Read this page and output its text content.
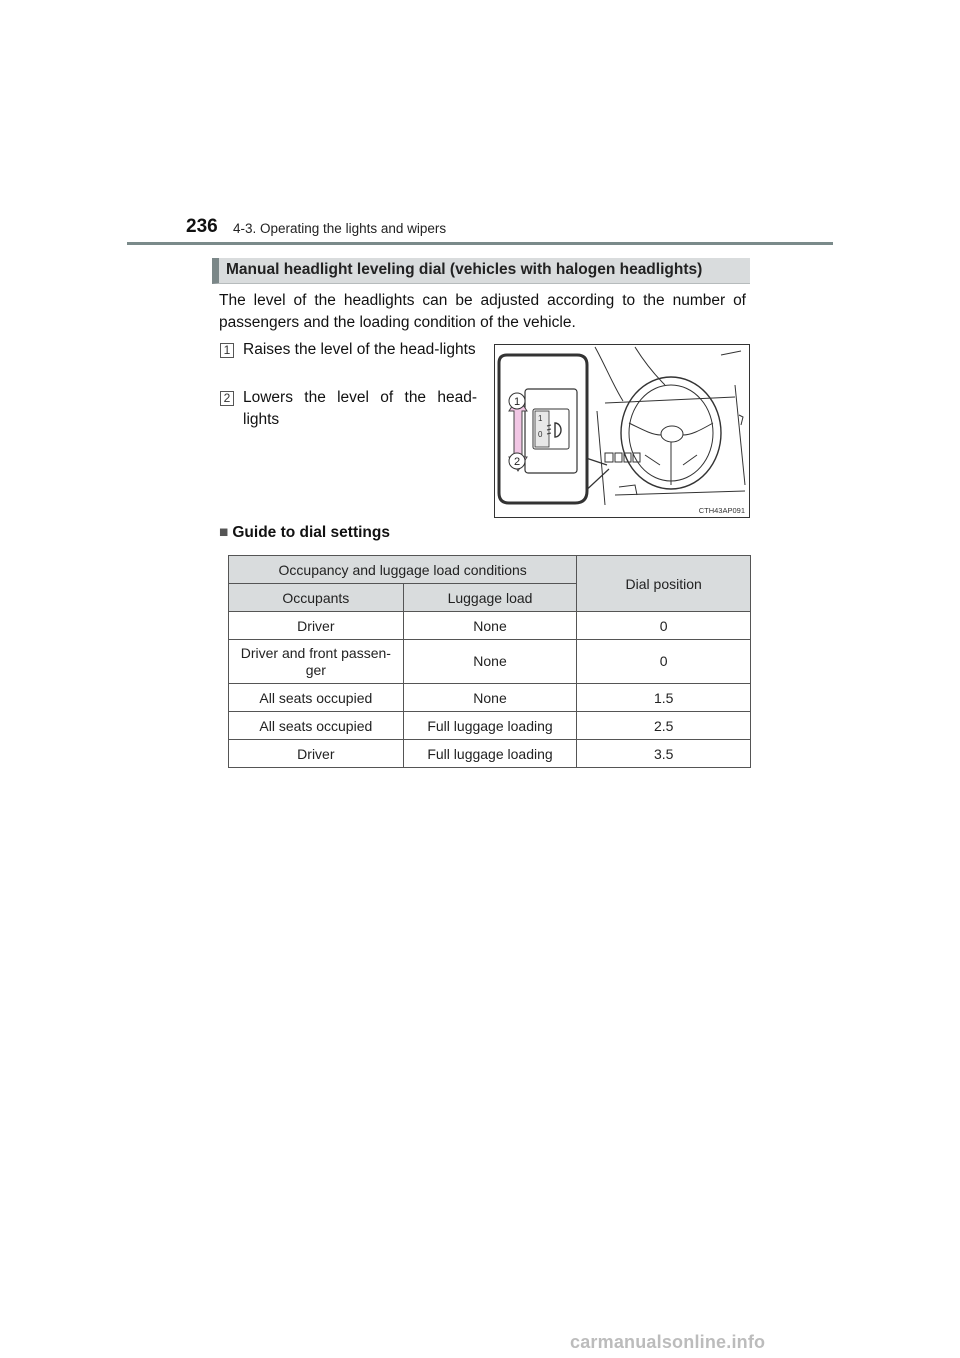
236 4-3. Operating the lights and wipers
Manual headlight leveling dial (vehicles with halogen headlights)
The level of the headlights can be adjusted according to the number of passengers and the loading condition of the vehicle.
1 Raises the level of the head-lights
2 Lowers the level of the head-lights	1
0
1
2
CTH43AP091
■ Guide to dial settings
Occupancy and luggage load conditions		Dial position
Occupants	Luggage load	
Driver	None	0
Driver and front passen-ger	None	0
All seats occupied	None	1.5
All seats occupied	Full luggage loading	2.5
Driver	Full luggage loading	3.5
carmanualsonline.info
